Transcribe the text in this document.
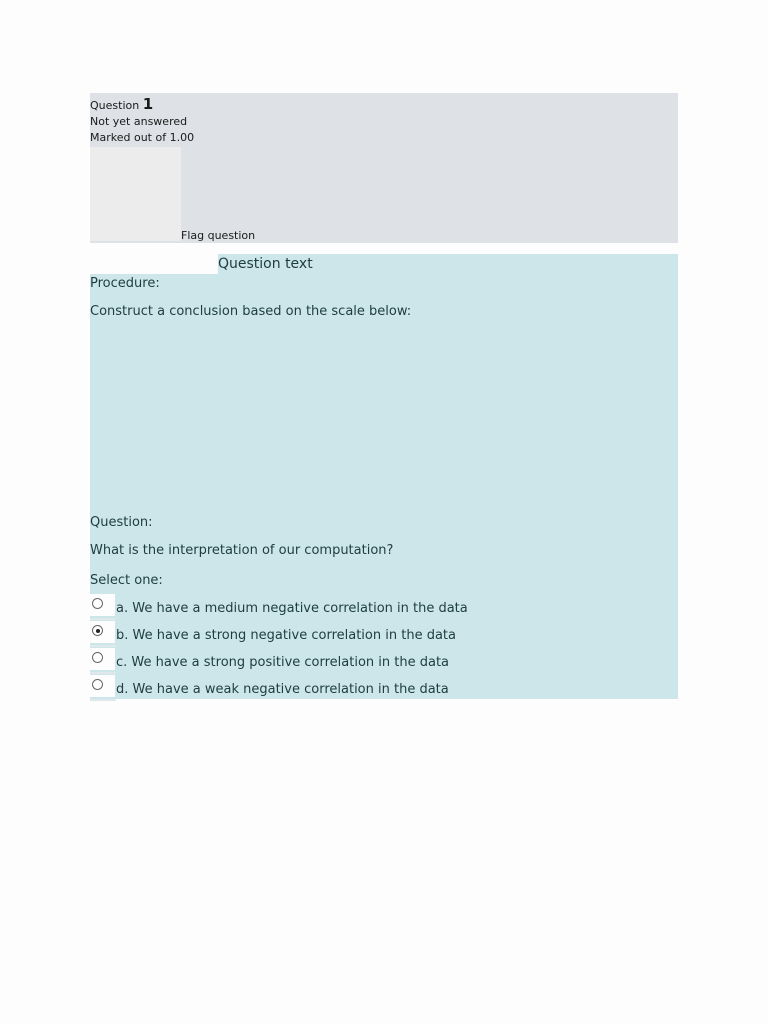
Question 1
Not yet answered
Marked out of 1.00
Flag question
Question text
Procedure:
Construct a conclusion based on the scale below:
Question:
What is the interpretation of our computation?
Select one:
a. We have a medium negative correlation in the data
b. We have a strong negative correlation in the data
c. We have a strong positive correlation in the data
d. We have a weak negative correlation in the data
